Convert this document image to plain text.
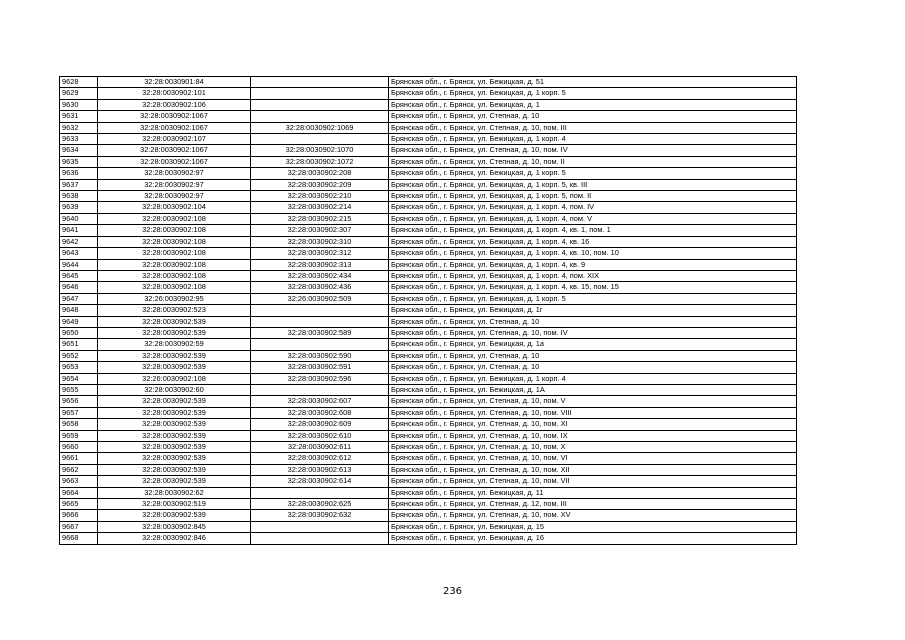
9628	32:28:0030901:84		Брянская обл., г. Брянск, ул. Бежицкая, д. 51
9629	32:28:0030902:101		Брянская обл., г. Брянск, ул. Бежицкая, д. 1 корп. 5
9630	32:28:0030902:106		Брянская обл., г. Брянск, ул. Бежицкая, д. 1
9631	32:28:0030902:1067		Брянская обл., г. Брянск, ул. Степная, д. 10
9632	32:28:0030902:1067	32:28:0030902:1069	Брянская обл., г. Брянск, ул. Степная, д. 10, пом. III
9633	32:28:0030902:107		Брянская обл., г. Брянск, ул. Бежицкая, д. 1 корп. 4
9634	32:28:0030902:1067	32:28:0030902:1070	Брянская обл., г. Брянск, ул. Степная, д. 10, пом. IV
9635	32:28:0030902:1067	32:28:0030902:1072	Брянская обл., г. Брянск, ул. Степная, д. 10, пом. II
9636	32:28:0030902:97	32:28:0030902:208	Брянская обл., г. Брянск, ул. Бежицкая, д. 1 корп. 5
9637	32:28:0030902:97	32:28:0030902:209	Брянская обл., г. Брянск, ул. Бежицкая, д. 1 корп. 5, кв. III
9638	32:28:0030902:97	32:28:0030902:210	Брянская обл., г. Брянск, ул. Бежицкая, д. 1 корп. 5, пом. II
9639	32:28:0030902:104	32:28:0030902:214	Брянская обл., г. Брянск, ул. Бежицкая, д. 1 корп. 4, пом. IV
9640	32:28:0030902:108	32:28:0030902:215	Брянская обл., г. Брянск, ул. Бежицкая, д. 1 корп. 4, пом. V
9641	32:28:0030902:108	32:28:0030902:307	Брянская обл., г. Брянск, ул. Бежицкая, д. 1 корп. 4, кв. 1, пом. 1
9642	32:28:0030902:108	32:28:0030902:310	Брянская обл., г. Брянск, ул. Бежицкая, д. 1 корп. 4, кв. 16
9643	32:28:0030902:108	32:28:0030902:312	Брянская обл., г. Брянск, ул. Бежицкая, д. 1 корп. 4, кв. 10, пом. 10
9644	32:28:0030902:108	32:28:0030902:313	Брянская обл., г. Брянск, ул. Бежицкая, д. 1 корп. 4, кв. 9
9645	32:28:0030902:108	32:28:0030902:434	Брянская обл., г. Брянск, ул. Бежицкая, д. 1 корп. 4, пом. XIX
9646	32:28:0030902:108	32:28:0030902:436	Брянская обл., г. Брянск, ул. Бежицкая, д. 1 корп. 4, кв. 15, пом. 15
9647	32:26:0030902:95	32:26:0030902:509	Брянская обл., г. Брянск, ул. Бежицкая, д. 1 корп. 5
9648	32:28:0030902:523		Брянская обл., г. Брянск, ул. Бежицкая, д. 1г
9649	32:28:0030902:539		Брянская обл., г. Брянск, ул. Степная, д. 10
9650	32:28:0030902:539	32:28:0030902:589	Брянская обл., г. Брянск, ул. Степная, д. 10, пом. IV
9651	32:28:0030902:59		Брянская обл., г. Брянск, ул. Бежицкая, д. 1а
9652	32:28:0030902:539	32:28:0030902:590	Брянская обл., г. Брянск, ул. Степная, д. 10
9653	32:28:0030902:539	32:28:0030902:591	Брянская обл., г. Брянск, ул. Степная, д. 10
9654	32:26:0030902:108	32:28:0030902:596	Брянская обл., г. Брянск, ул. Бежицкая, д. 1 корп. 4
9655	32:28:0030902:60		Брянская обл., г. Брянск, ул. Бежицкая, д. 1А
9656	32:28:0030902:539	32:28:0030902:607	Брянская обл., г. Брянск, ул. Степная, д. 10, пом. V
9657	32:28:0030902:539	32:28:0030902:608	Брянская обл., г. Брянск, ул. Степная, д. 10, пом. VIII
9658	32:28:0030902:539	32:28:0030902:609	Брянская обл., г. Брянск, ул. Степная, д. 10, пом. XI
9659	32:28:0030902:539	32:28:0030902:610	Брянская обл., г. Брянск, ул. Степная, д. 10, пом. IX
9660	32:28:0030902:539	32:28:0030902:611	Брянская обл., г. Брянск, ул. Степная, д. 10, пом. X
9661	32:28:0030902:539	32:28:0030902:612	Брянская обл., г. Брянск, ул. Степная, д. 10, пом. VI
9662	32:28:0030902:539	32:28:0030902:613	Брянская обл., г. Брянск, ул. Степная, д. 10, пом. XII
9663	32:28:0030902:539	32:28:0030902:614	Брянская обл., г. Брянск, ул. Степная, д. 10, пом. VII
9664	32:28:0030902:62		Брянская обл., г. Брянск, ул. Бежицкая, д. 11
9665	32:28:0030902:519	32:28:0030902:625	Брянская обл., г. Брянск, ул. Степная, д. 12, пом. III
9666	32:28:0030902:539	32:28:0030902:632	Брянская обл., г. Брянск, ул. Степная, д. 10, пом. XV
9667	32:28:0030902:845		Брянская обл., г. Брянск, ул. Бежицкая, д. 15
9668	32:28:0030902:846		Брянская обл., г. Брянск, ул. Бежицкая, д. 16
236
